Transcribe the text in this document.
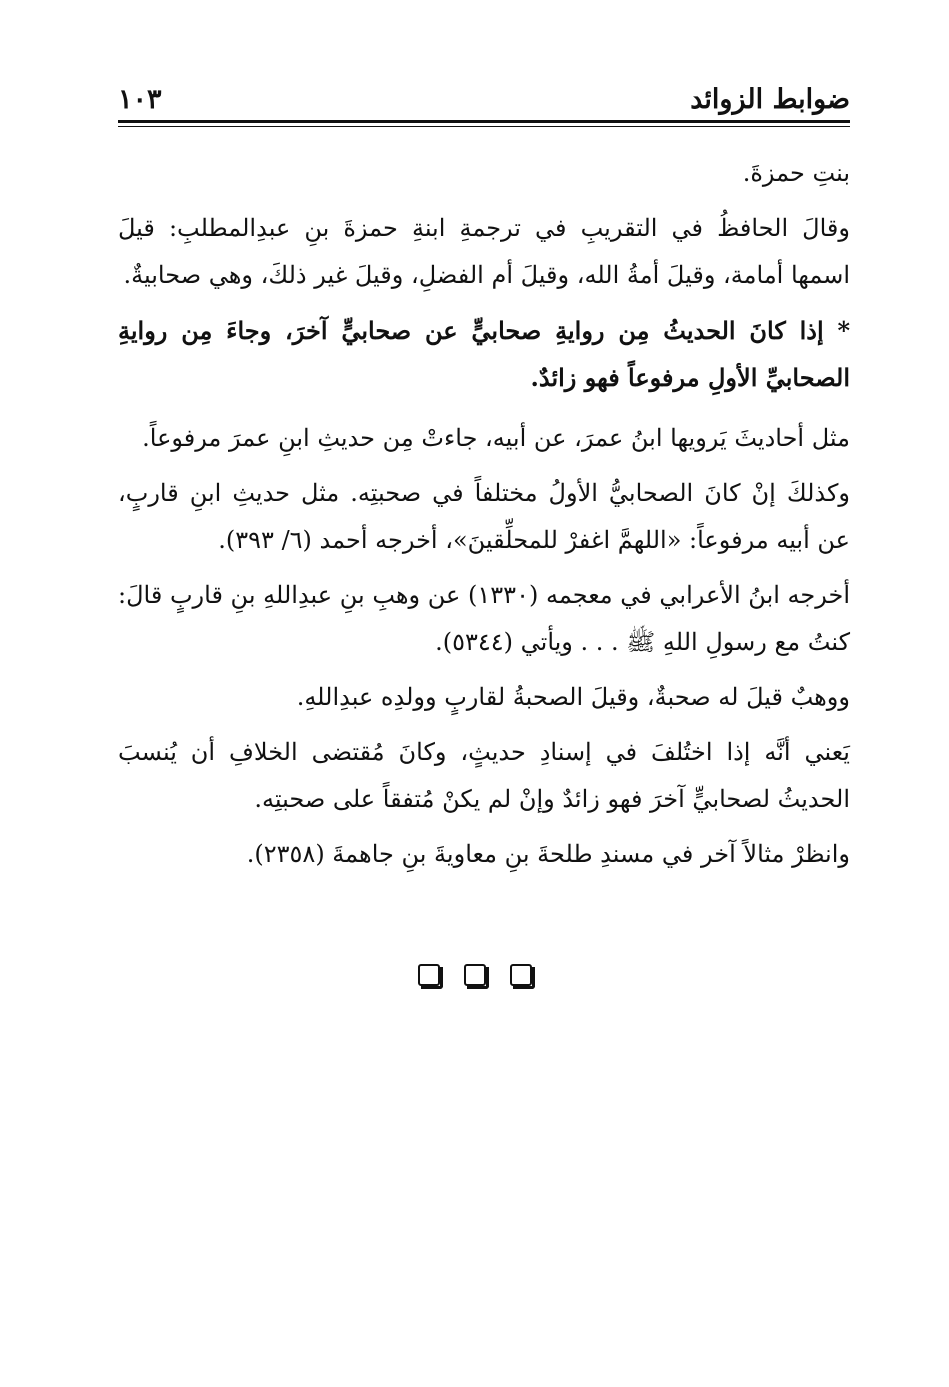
ضوابط الزوائد
١٠٣

بنتِ حمزةَ.

وقالَ الحافظُ في التقريبِ في ترجمةِ ابنةِ حمزةَ بنِ عبدِالمطلبِ: قيلَ اسمها أمامة، وقيلَ أمةُ الله، وقيلَ أم الفضلِ، وقيلَ غير ذلكَ، وهي صحابيةٌ.

* إذا كانَ الحديثُ مِن روايةِ صحابيٍّ عن صحابيٍّ آخرَ، وجاءَ مِن روايةِ الصحابيِّ الأولِ مرفوعاً فهو زائدٌ.

مثل أحاديثَ يَرويها ابنُ عمرَ، عن أبيه، جاءتْ مِن حديثِ ابنِ عمرَ مرفوعاً.

وكذلكَ إنْ كانَ الصحابيُّ الأولُ مختلفاً في صحبتِه. مثل حديثِ ابنِ قاربٍ، عن أبيه مرفوعاً: «اللهمَّ اغفرْ للمحلِّقينَ»، أخرجه أحمد (٦/ ٣٩٣).

أخرجه ابنُ الأعرابي في معجمه (١٣٣٠) عن وهبِ بنِ عبدِاللهِ بنِ قاربٍ قالَ: كنتُ مع رسولِ اللهِ ﷺ . . . ويأتي (٥٣٤٤).

ووهبٌ قيلَ له صحبةٌ، وقيلَ الصحبةُ لقاربٍ وولدِه عبدِاللهِ.

يَعني أنَّه إذا اختُلفَ في إسنادِ حديثٍ، وكانَ مُقتضى الخلافِ أن يُنسبَ الحديثُ لصحابيٍّ آخرَ فهو زائدٌ وإنْ لم يكنْ مُتفقاً على صحبتِه.

وانظرْ مثالاً آخر في مسندِ طلحةَ بنِ معاويةَ بنِ جاهمةَ (٢٣٥٨).
